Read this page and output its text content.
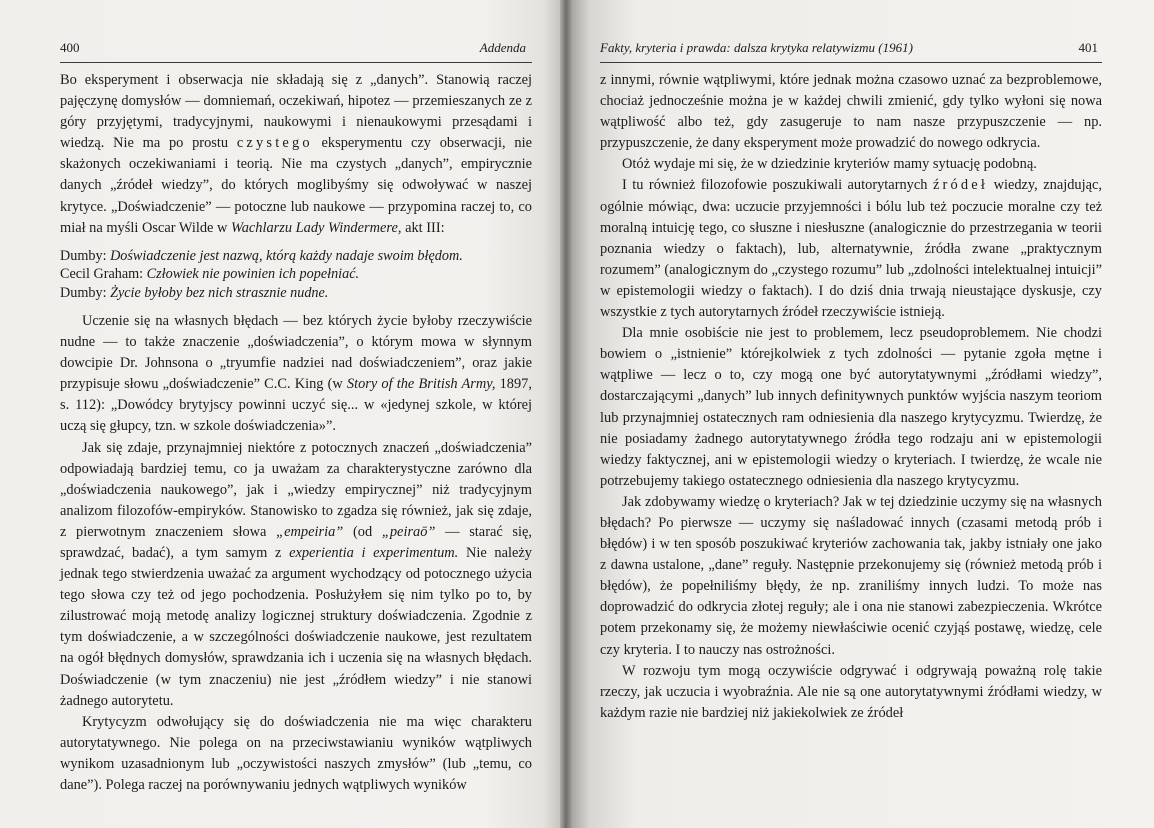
400	Addenda

Bo eksperyment i obserwacja nie składają się z „danych”. Stanowią raczej pajęczynę domysłów — domniemań, oczekiwań, hipotez — przemieszanych ze z góry przyjętymi, tradycyjnymi, naukowymi i nienaukowymi przesądami i wiedzą. Nie ma po prostu czystego eksperymentu czy obserwacji, nie skażonych oczekiwaniami i teorią. Nie ma czystych „danych”, empirycznie danych „źródeł wiedzy”, do których moglibyśmy się odwoływać w naszej krytyce. „Doświadczenie” — potoczne lub naukowe — przypomina raczej to, co miał na myśli Oscar Wilde w Wachlarzu Lady Windermere, akt III:

Dumby: Doświadczenie jest nazwą, którą każdy nadaje swoim błędom.
Cecil Graham: Człowiek nie powinien ich popełniać.
Dumby: Życie byłoby bez nich strasznie nudne.

Uczenie się na własnych błędach — bez których życie byłoby rzeczywiście nudne — to także znaczenie „doświadczenia”, o którym mowa w słynnym dowcipie Dr. Johnsona o „tryumfie nadziei nad doświadczeniem”, oraz jakie przypisuje słowu „doświadczenie” C.C. King (w Story of the British Army, 1897, s. 112): „Dowódcy brytyjscy powinni uczyć się... w «jedynej szkole, w której uczą się głupcy, tzn. w szkole doświadczenia»”.

Jak się zdaje, przynajmniej niektóre z potocznych znaczeń „doświadczenia” odpowiadają bardziej temu, co ja uważam za charakterystyczne zarówno dla „doświadczenia naukowego”, jak i „wiedzy empirycznej” niż tradycyjnym analizom filozofów-empiryków. Stanowisko to zgadza się również, jak się zdaje, z pierwotnym znaczeniem słowa „empeiria” (od „peiraō” — starać się, sprawdzać, badać), a tym samym z experientia i experimentum. Nie należy jednak tego stwierdzenia uważać za argument wychodzący od potocznego użycia tego słowa czy też od jego pochodzenia. Posłużyłem się nim tylko po to, by zilustrować moją metodę analizy logicznej struktury doświadczenia. Zgodnie z tym doświadczenie, a w szczególności doświadczenie naukowe, jest rezultatem na ogół błędnych domysłów, sprawdzania ich i uczenia się na własnych błędach. Doświadczenie (w tym znaczeniu) nie jest „źródłem wiedzy” i nie stanowi żadnego autorytetu.

Krytycyzm odwołujący się do doświadczenia nie ma więc charakteru autorytatywnego. Nie polega on na przeciwstawianiu wyników wątpliwych wynikom uzasadnionym lub „oczywistości naszych zmysłów” (lub „temu, co dane”). Polega raczej na porównywaniu jednych wątpliwych wyników

Fakty, kryteria i prawda: dalsza krytyka relatywizmu (1961)	401

z innymi, równie wątpliwymi, które jednak można czasowo uznać za bezproblemowe, chociaż jednocześnie można je w każdej chwili zmienić, gdy tylko wyłoni się nowa wątpliwość albo też, gdy zasugeruje to nam nasze przypuszczenie — np. przypuszczenie, że dany eksperyment może prowadzić do nowego odkrycia.

Otóż wydaje mi się, że w dziedzinie kryteriów mamy sytuację podobną.

I tu również filozofowie poszukiwali autorytarnych źródeł wiedzy, znajdując, ogólnie mówiąc, dwa: uczucie przyjemności i bólu lub też poczucie moralne czy też moralną intuicję tego, co słuszne i niesłuszne (analogicznie do przestrzegania w teorii poznania wiedzy o faktach), lub, alternatywnie, źródła zwane „praktycznym rozumem” (analogicznym do „czystego rozumu” lub „zdolności intelektualnej intuicji” w epistemologii wiedzy o faktach). I do dziś dnia trwają nieustające dyskusje, czy wszystkie z tych autorytarnych źródeł rzeczywiście istnieją.

Dla mnie osobiście nie jest to problemem, lecz pseudoproblemem. Nie chodzi bowiem o „istnienie” którejkolwiek z tych zdolności — pytanie zgoła mętne i wątpliwe — lecz o to, czy mogą one być autorytatywnymi „źródłami wiedzy”, dostarczającymi „danych” lub innych definitywnych punktów wyjścia naszym teoriom lub przynajmniej ostatecznych ram odniesienia dla naszego krytycyzmu. Twierdzę, że nie posiadamy żadnego autorytatywnego źródła tego rodzaju ani w epistemologii wiedzy faktycznej, ani w epistemologii wiedzy o kryteriach. I twierdzę, że wcale nie potrzebujemy takiego ostatecznego odniesienia dla naszego krytycyzmu.

Jak zdobywamy wiedzę o kryteriach? Jak w tej dziedzinie uczymy się na własnych błędach? Po pierwsze — uczymy się naśladować innych (czasami metodą prób i błędów) i w ten sposób poszukiwać kryteriów zachowania tak, jakby istniały one jako z dawna ustalone, „dane” reguły. Następnie przekonujemy się (również metodą prób i błędów), że popełniliśmy błędy, że np. zraniliśmy innych ludzi. To może nas doprowadzić do odkrycia złotej reguły; ale i ona nie stanowi zabezpieczenia. Wkrótce potem przekonamy się, że możemy niewłaściwie ocenić czyjąś postawę, wiedzę, cele czy kryteria. I to nauczy nas ostrożności.

W rozwoju tym mogą oczywiście odgrywać i odgrywają poważną rolę takie rzeczy, jak uczucia i wyobraźnia. Ale nie są one autorytatywnymi źródłami wiedzy, w każdym razie nie bardziej niż jakiekolwiek ze źródeł
